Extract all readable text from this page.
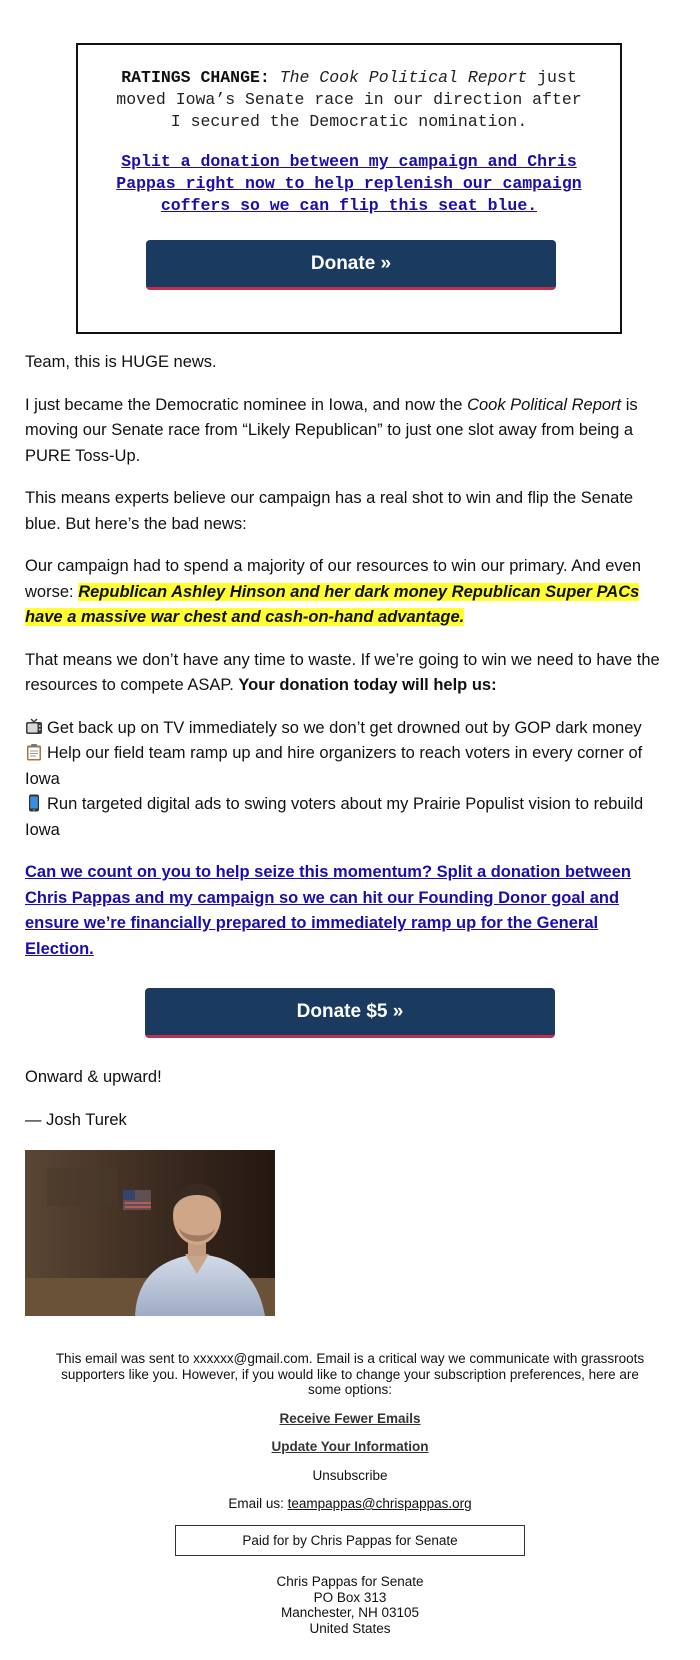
RATINGS CHANGE: The Cook Political Report just moved Iowa’s Senate race in our direction after I secured the Democratic nomination.
Split a donation between my campaign and Chris Pappas right now to help replenish our campaign coffers so we can flip this seat blue.
Donate »

Team, this is HUGE news.

I just became the Democratic nominee in Iowa, and now the Cook Political Report is moving our Senate race from “Likely Republican” to just one slot away from being a PURE Toss-Up.

This means experts believe our campaign has a real shot to win and flip the Senate blue. But here’s the bad news:

Our campaign had to spend a majority of our resources to win our primary. And even worse: Republican Ashley Hinson and her dark money Republican Super PACs have a massive war chest and cash-on-hand advantage.

That means we don’t have any time to waste. If we’re going to win we need to have the resources to compete ASAP. Your donation today will help us:

Get back up on TV immediately so we don’t get drowned out by GOP dark money
Help our field team ramp up and hire organizers to reach voters in every corner of Iowa
Run targeted digital ads to swing voters about my Prairie Populist vision to rebuild Iowa
Can we count on you to help seize this momentum? Split a donation between Chris Pappas and my campaign so we can hit our Founding Donor goal and ensure we’re financially prepared to immediately ramp up for the General Election.
Donate $5 »

Onward & upward!

— Josh Turek

This email was sent to xxxxxx@gmail.com. Email is a critical way we communicate with grassroots supporters like you. However, if you would like to change your subscription preferences, here are some options:

Receive Fewer Emails

Update Your Information

Unsubscribe

Email us: teampappas@chrispappas.org

Paid for by Chris Pappas for Senate
Chris Pappas for Senate
PO Box 313
Manchester, NH 03105
United States
